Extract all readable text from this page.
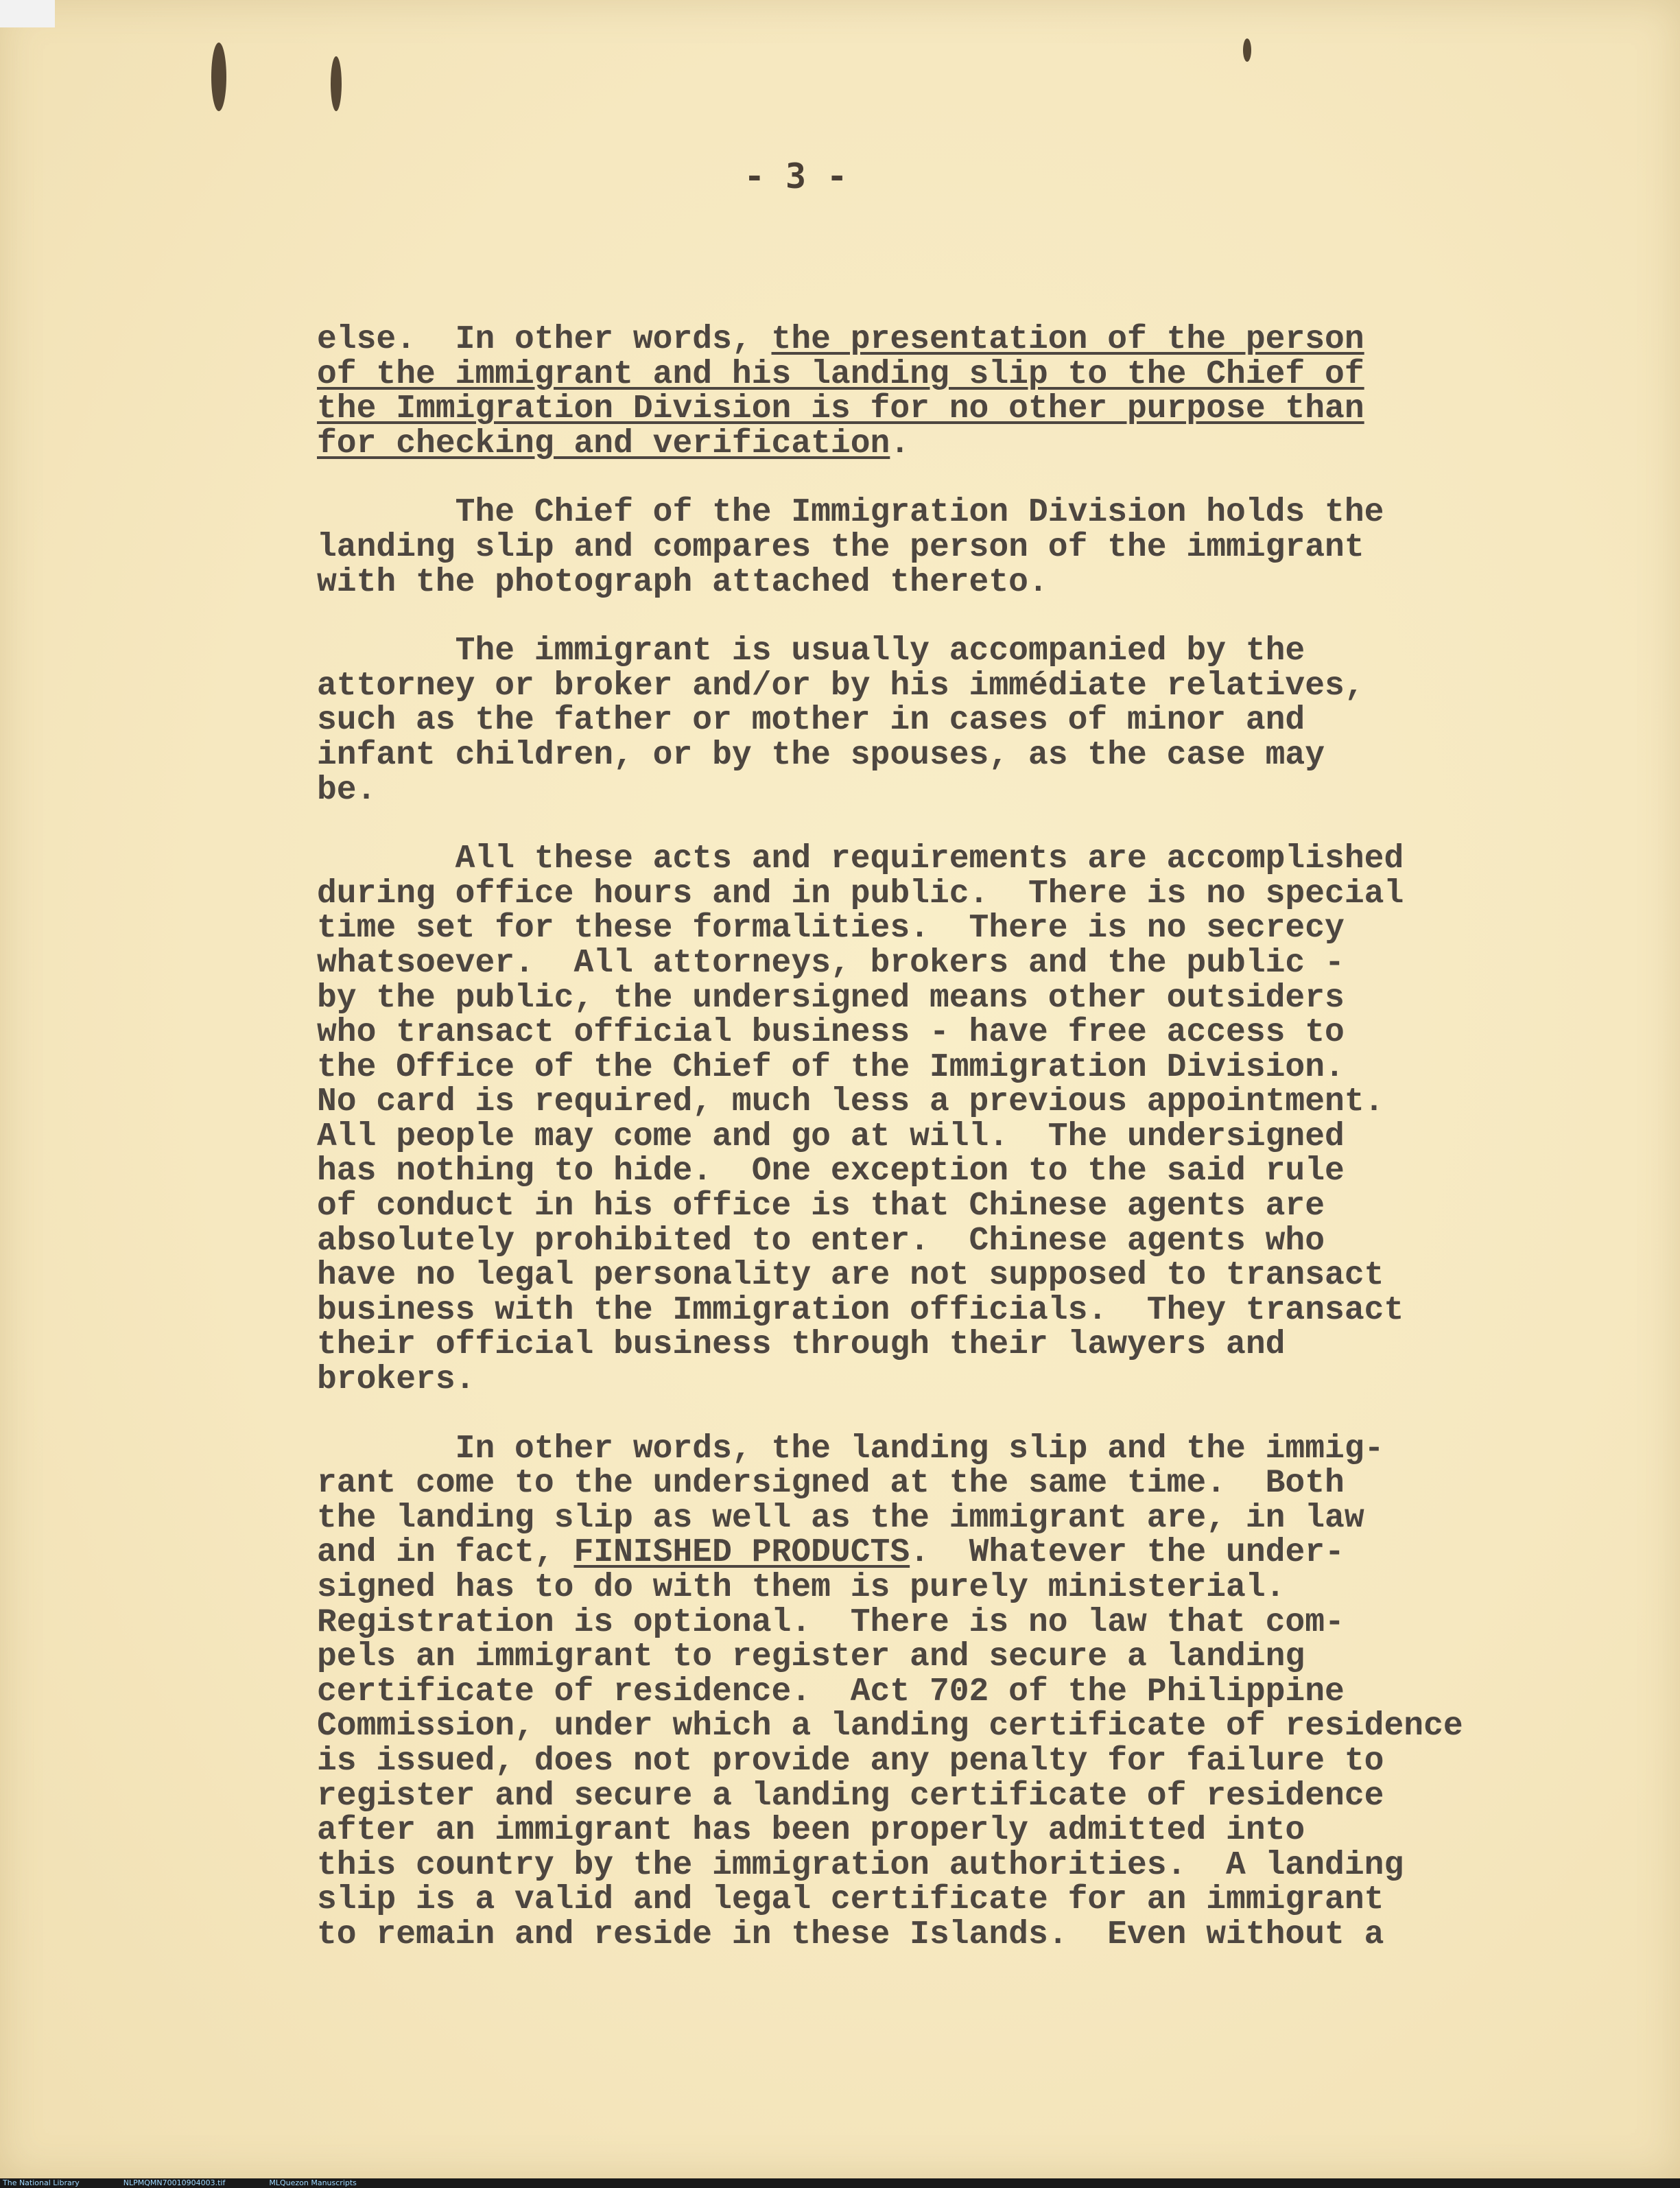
- 3 -

else.  In other words, the presentation of the person

of the immigrant and his landing slip to the Chief of

the Immigration Division is for no other purpose than

for checking and verification.

The Chief of the Immigration Division holds the

landing slip and compares the person of the immigrant

with the photograph attached thereto.

The immigrant is usually accompanied by the

attorney or broker and/or by his immédiate relatives,

such as the father or mother in cases of minor and

infant children, or by the spouses, as the case may

be.

All these acts and requirements are accomplished

during office hours and in public.  There is no special

time set for these formalities.  There is no secrecy

whatsoever.  All attorneys, brokers and the public -

by the public, the undersigned means other outsiders

who transact official business - have free access to

the Office of the Chief of the Immigration Division.

No card is required, much less a previous appointment.

All people may come and go at will.  The undersigned

has nothing to hide.  One exception to the said rule

of conduct in his office is that Chinese agents are

absolutely prohibited to enter.  Chinese agents who

have no legal personality are not supposed to transact

business with the Immigration officials.  They transact

their official business through their lawyers and

brokers.

In other words, the landing slip and the immig-

rant come to the undersigned at the same time.  Both

the landing slip as well as the immigrant are, in law

and in fact, FINISHED PRODUCTS.  Whatever the under-

signed has to do with them is purely ministerial.

Registration is optional.  There is no law that com-

pels an immigrant to register and secure a landing

certificate of residence.  Act 702 of the Philippine

Commission, under which a landing certificate of residence

is issued, does not provide any penalty for failure to

register and secure a landing certificate of residence

after an immigrant has been properly admitted into

this country by the immigration authorities.  A landing

slip is a valid and legal certificate for an immigrant

to remain and reside in these Islands.  Even without a

The National Library	NLPMQMN70010904003.tif	MLQuezon Manuscripts
